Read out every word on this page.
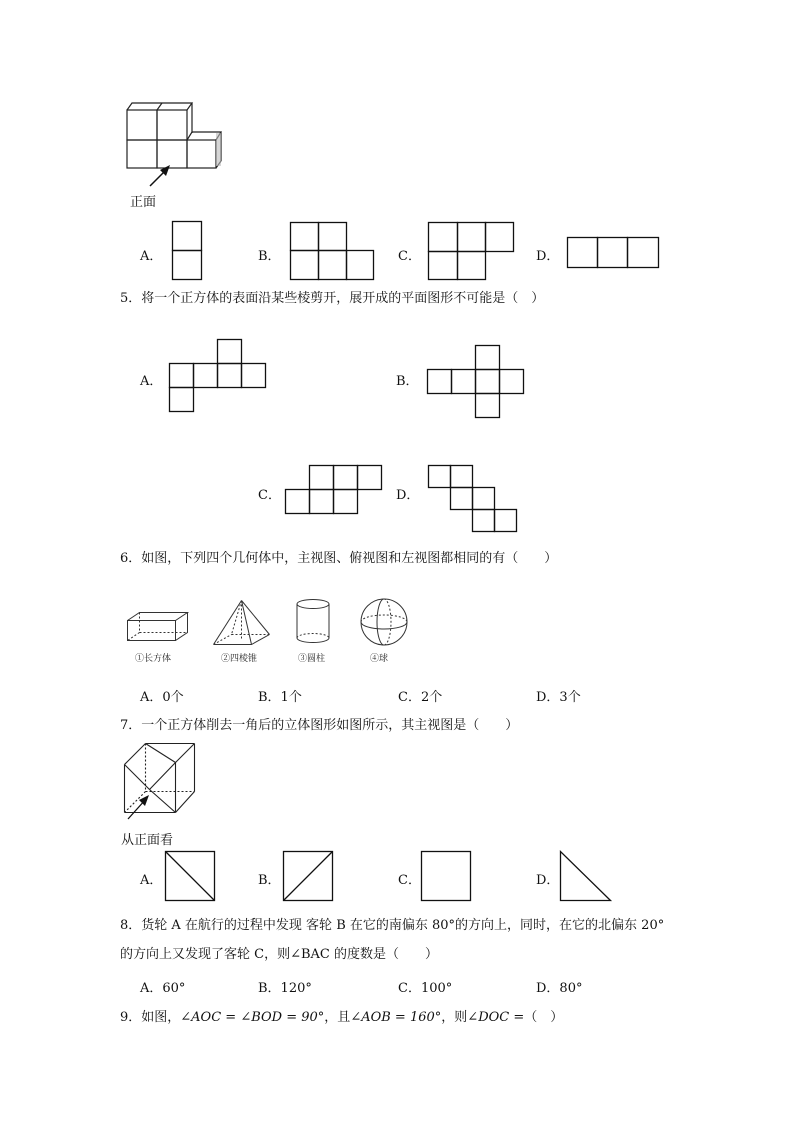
正面
A．	B．	C．	D．
5．将一个正方体的表面沿某些棱剪开，展开成的平面图形不可能是（　）
A．	B．
C．	D．
6．如图，下列四个几何体中，主视图、俯视图和左视图都相同的有（　　）
①长方体	②四棱锥	③圆柱	④球
A．0个	B．1个	C．2个	D．3个
7．一个正方体削去一角后的立体图形如图所示，其主视图是（　　）
从正面看
A．	B．	C．	D．
8．货轮 A 在航行的过程中发现 客轮 B 在它的南偏东 80°的方向上，同时，在它的北偏东 20°
的方向上又发现了客轮 C，则∠BAC 的度数是（　　）
A．60°	B．120°	C．100°	D．80°
9．如图，∠AOC = ∠BOD = 90°，且∠AOB = 160°，则∠DOC =（　）
